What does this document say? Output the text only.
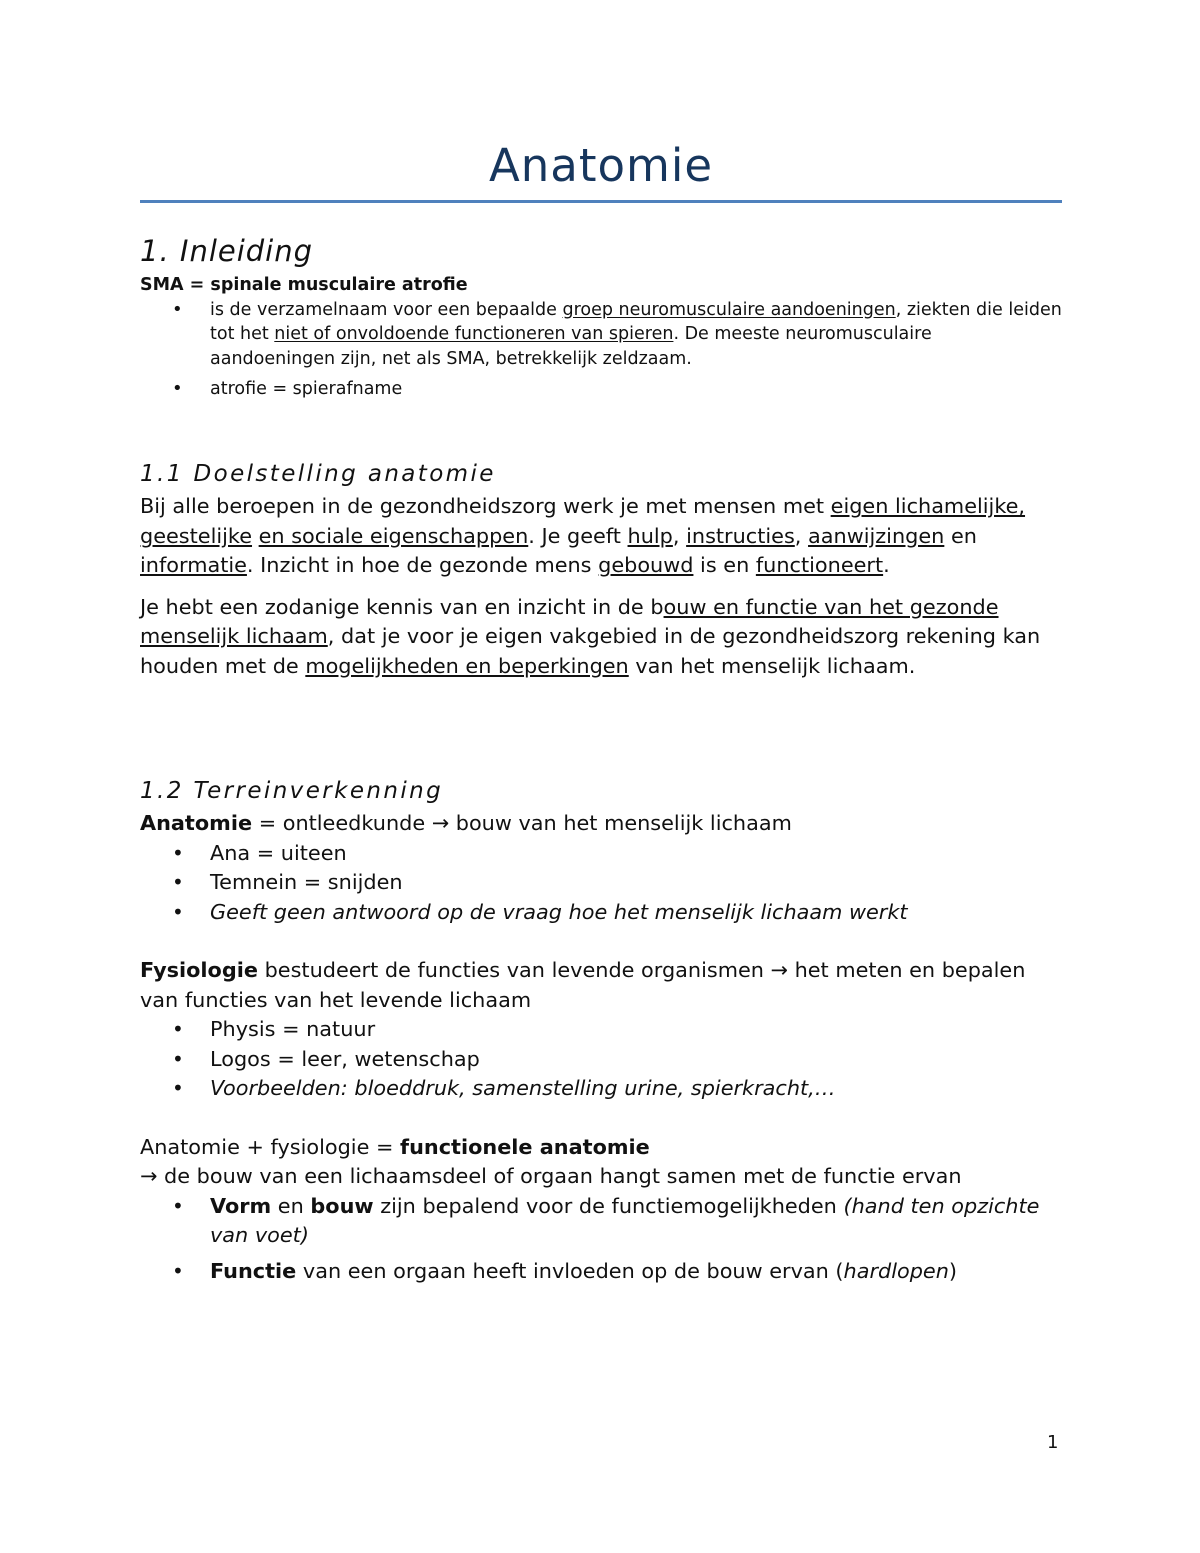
Anatomie
1. Inleiding

SMA = spinale musculaire atrofie

• is de verzamelnaam voor een bepaalde groep neuromusculaire aandoeningen, ziekten die leiden tot het niet of onvoldoende functioneren van spieren. De meeste neuromusculaire aandoeningen zijn, net als SMA, betrekkelijk zeldzaam.
• atrofie = spierafname
1.1 Doelstelling anatomie

Bij alle beroepen in de gezondheidszorg werk je met mensen met eigen lichamelijke, geestelijke en sociale eigenschappen. Je geeft hulp, instructies, aanwijzingen en informatie. Inzicht in hoe de gezonde mens gebouwd is en functioneert.

Je hebt een zodanige kennis van en inzicht in de bouw en functie van het gezonde menselijk lichaam, dat je voor je eigen vakgebied in de gezondheidszorg rekening kan houden met de mogelijkheden en beperkingen van het menselijk lichaam.

1.2 Terreinverkenning

Anatomie = ontleedkunde → bouw van het menselijk lichaam

• Ana = uiteen
• Temnein = snijden
• Geeft geen antwoord op de vraag hoe het menselijk lichaam werkt

Fysiologie bestudeert de functies van levende organismen → het meten en bepalen van functies van het levende lichaam

• Physis = natuur
• Logos = leer, wetenschap
• Voorbeelden: bloeddruk, samenstelling urine, spierkracht,…

Anatomie + fysiologie = functionele anatomie

→ de bouw van een lichaamsdeel of orgaan hangt samen met de functie ervan

• Vorm en bouw zijn bepalend voor de functiemogelijkheden (hand ten opzichte van voet)
• Functie van een orgaan heeft invloeden op de bouw ervan (hardlopen)
1
